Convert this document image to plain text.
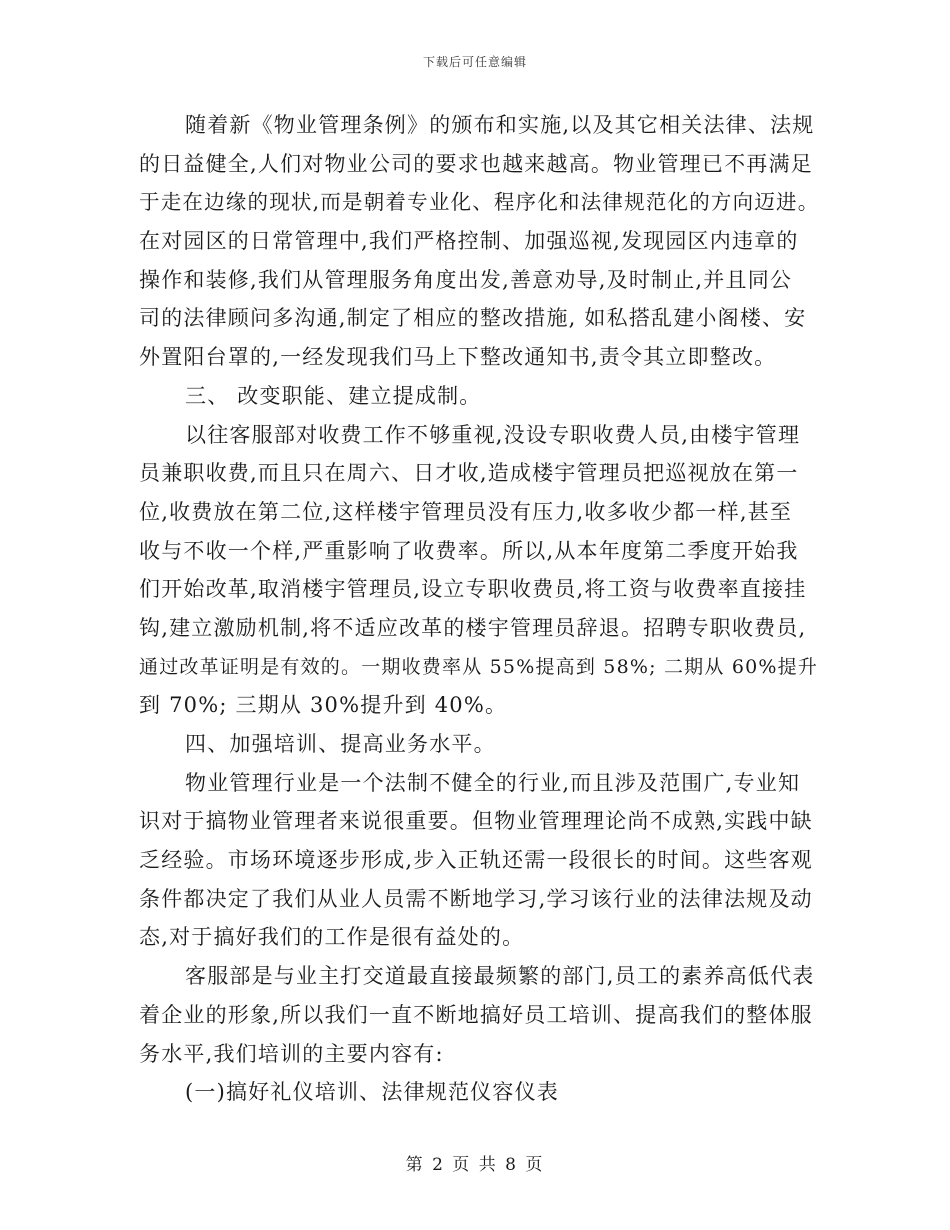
下载后可任意编辑
随着新《物业管理条例》的颁布和实施,以及其它相关法律、法规
的日益健全,人们对物业公司的要求也越来越高。物业管理已不再满足
于走在边缘的现状,而是朝着专业化、程序化和法律规范化的方向迈进。
在对园区的日常管理中,我们严格控制、加强巡视,发现园区内违章的
操作和装修,我们从管理服务角度出发,善意劝导,及时制止,并且同公
司的法律顾问多沟通,制定了相应的整改措施, 如私搭乱建小阁楼、安
外置阳台罩的,一经发现我们马上下整改通知书,责令其立即整改。
三、 改变职能、建立提成制。
以往客服部对收费工作不够重视,没设专职收费人员,由楼宇管理
员兼职收费,而且只在周六、日才收,造成楼宇管理员把巡视放在第一
位,收费放在第二位,这样楼宇管理员没有压力,收多收少都一样,甚至
收与不收一个样,严重影响了收费率。所以,从本年度第二季度开始我
们开始改革,取消楼宇管理员,设立专职收费员,将工资与收费率直接挂
钩,建立激励机制,将不适应改革的楼宇管理员辞退。招聘专职收费员,
通过改革证明是有效的。一期收费率从 55%提高到 58%; 二期从 60%提升
到 70%; 三期从 30%提升到 40%。
四、加强培训、提高业务水平。
物业管理行业是一个法制不健全的行业,而且涉及范围广,专业知
识对于搞物业管理者来说很重要。但物业管理理论尚不成熟,实践中缺
乏经验。市场环境逐步形成,步入正轨还需一段很长的时间。这些客观
条件都决定了我们从业人员需不断地学习,学习该行业的法律法规及动
态,对于搞好我们的工作是很有益处的。
客服部是与业主打交道最直接最频繁的部门,员工的素养高低代表
着企业的形象,所以我们一直不断地搞好员工培训、提高我们的整体服
务水平,我们培训的主要内容有:
(一)搞好礼仪培训、法律规范仪容仪表
第 2 页 共 8 页
